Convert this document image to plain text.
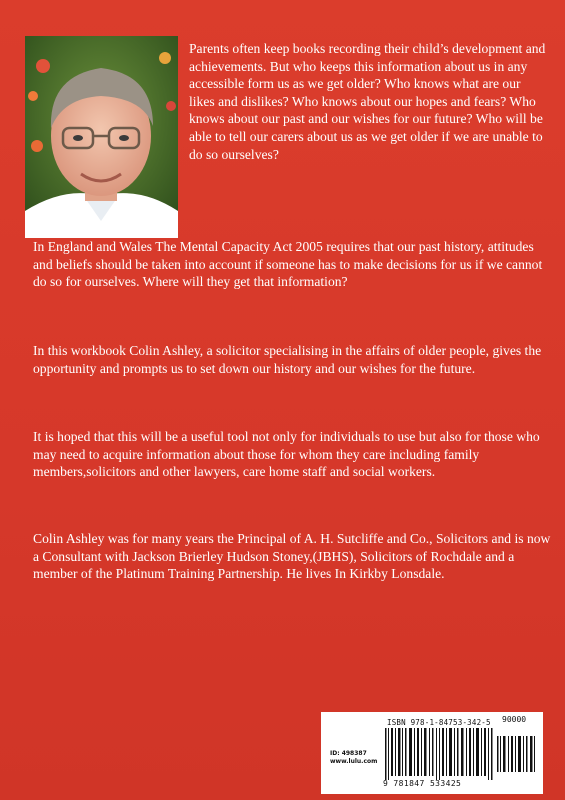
Parents often keep books recording their child’s development and achievements. But who keeps this information about us in any accessible form us as we get older? Who knows what are our likes and dislikes? Who knows about our hopes and fears? Who knows about our past and our wishes for our future? Who will be able to tell our carers about us as we get older if we are unable to do so ourselves?

In England and Wales The Mental Capacity Act 2005 requires that our past history, attitudes and beliefs should be taken into account if someone has to make decisions for us if we cannot do so for ourselves. Where will they get that information?

In this workbook Colin Ashley, a solicitor specialising in the affairs of older people, gives the opportunity and prompts us to set down our history and our wishes for the future.

It is hoped that this will be a useful tool not only for individuals to use but also for those who may need to acquire information about those for whom they care including family members,solicitors and other lawyers, care home staff and social workers.

Colin Ashley was for many years the Principal of A. H. Sutcliffe and Co., Solicitors and is now a Consultant with Jackson Brierley Hudson Stoney,(JBHS), Solicitors of Rochdale and a member of the Platinum Training Partnership. He lives In Kirkby Lonsdale.

ISBN 978-1-84753-342-5
ID: 498387
www.lulu.com
90000
9 781847 533425
